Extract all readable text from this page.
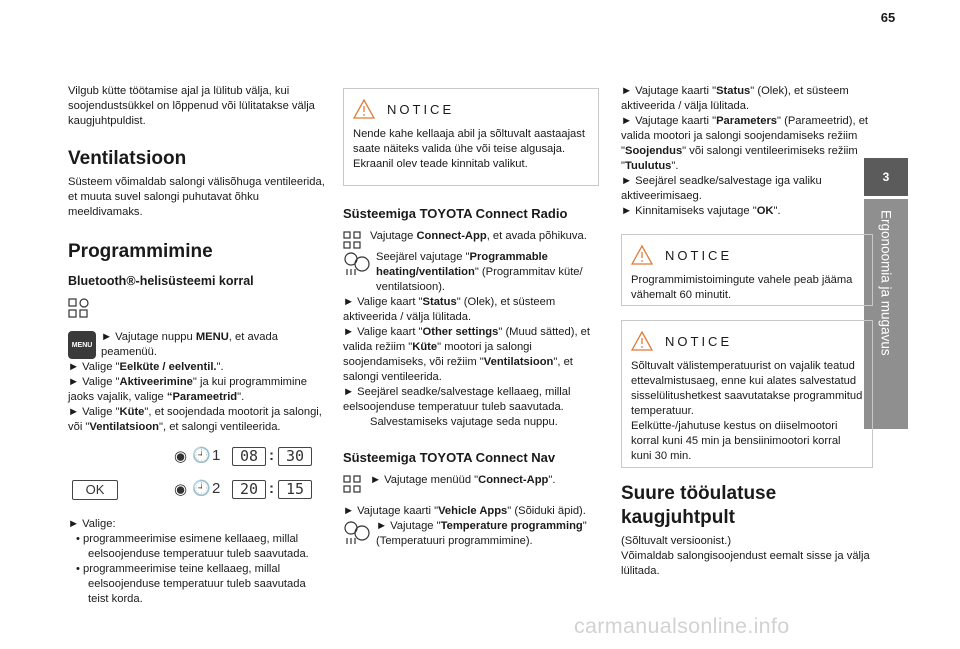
65
3
Ergonoomia ja mugavus

Vilgub kütte töötamise ajal ja lülitub välja, kui soojendustsükkel on lõppenud või lülitatakse välja kaugjuhtpuldist.

Ventilatsioon

Süsteem võimaldab salongi välisõhuga ventileerida, et muuta suvel salongi puhutavat õhku meeldivamaks.

Programmimine
Bluetooth®-helisüsteemi korral
MENU

► Vajutage nuppu MENU, et avada peamenüü.

► Valige "Eelküte / eelventil.".

► Valige "Aktiveerimine" ja kui programmimine jaoks vajalik, valige “Parameetrid".

► Valige "Küte", et soojendada mootorit ja salongi, või "Ventilatsioon", et salongi ventileerida.

◉ 🕘 1	08 : 30
OK	◉ 🕘 2	20 : 15

► Valige:

• programmeerimise esimene kellaaeg, millal eelsoojenduse temperatuur tuleb saavutada.

• programmeerimise teine kellaaeg, millal eelsoojenduse temperatuur tuleb saavutada teist korda.

NOTICE

Nende kahe kellaaja abil ja sõltuvalt aastaajast saate näiteks valida ühe või teise algusaja.
Ekraanil olev teade kinnitab valikut.

Süsteemiga TOYOTA Connect Radio

Vajutage Connect-App, et avada põhikuva.

Seejärel vajutage "Programmable heating/ventilation" (Programmitav küte/ ventilatsioon).

► Valige kaart "Status" (Olek), et süsteem aktiveerida / välja lülitada.

► Valige kaart "Other settings" (Muud sätted), et valida režiim "Küte" mootori ja salongi soojendamiseks, või režiim "Ventilatsioon", et salongi ventileerida.

► Seejärel seadke/salvestage kellaaeg, millal eelsoojenduse temperatuur tuleb saavutada.

Salvestamiseks vajutage seda nuppu.

Süsteemiga TOYOTA Connect Nav

► Vajutage menüüd "Connect-App".

► Vajutage kaarti "Vehicle Apps" (Sõiduki äpid).

► Vajutage "Temperature programming" (Temperatuuri programmimine).

► Vajutage kaarti "Status" (Olek), et süsteem aktiveerida / välja lülitada.

► Vajutage kaarti "Parameters" (Parameetrid), et valida mootori ja salongi soojendamiseks režiim "Soojendus" või salongi ventileerimiseks režiim "Tuulutus".

► Seejärel seadke/salvestage iga valiku aktiveerimisaeg.

► Kinnitamiseks vajutage "OK".

NOTICE

Programmimistoimingute vahele peab jääma vähemalt 60 minutit.

NOTICE

Sõltuvalt välistemperatuurist on vajalik teatud ettevalmistusaeg, enne kui alates salvestatud sisselülitushetkest saavutatakse programmitud temperatuur.
Eelkütte-/jahutuse kestus on diiselmootori korral kuni 45 min ja bensiinimootori korral kuni 30 min.

Suure tööulatuse kaugjuhtpult

(Sõltuvalt versioonist.)
Võimaldab salongisoojendust eemalt sisse ja välja lülitada.

carmanualsonline.info
